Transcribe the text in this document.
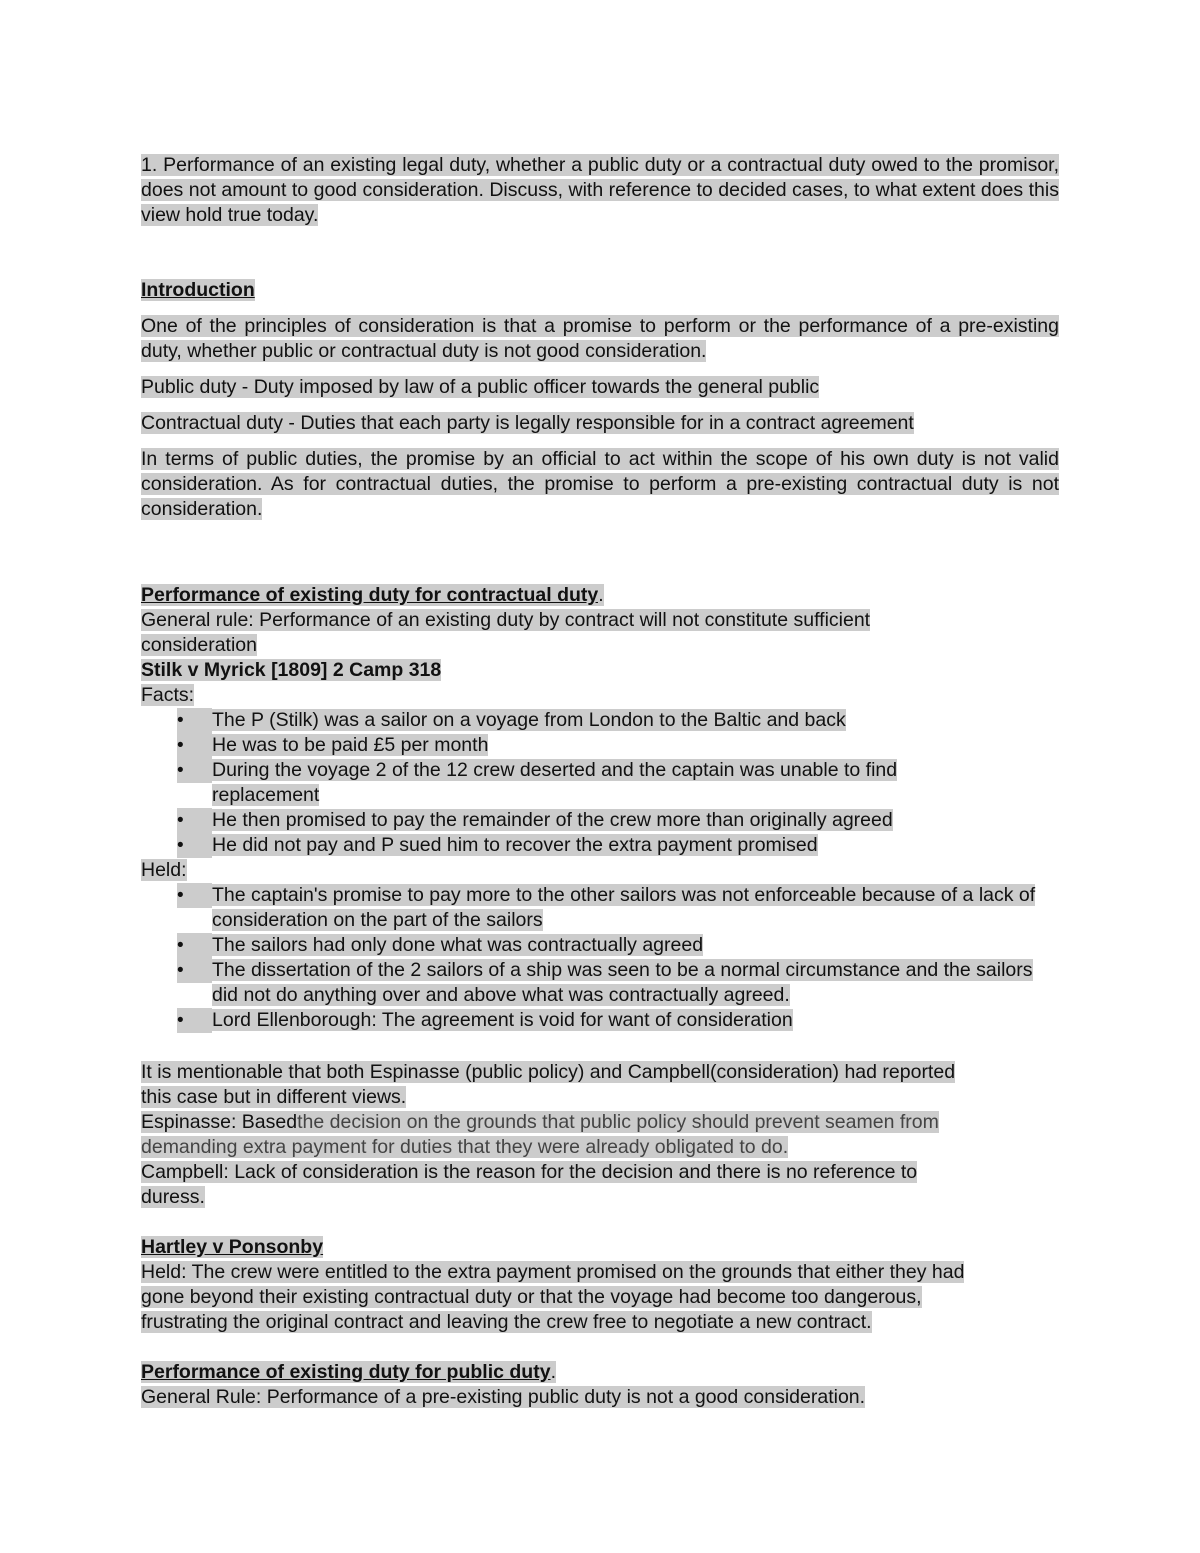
1. Performance of an existing legal duty, whether a public duty or a contractual duty owed to the promisor, does not amount to good consideration. Discuss, with reference to decided cases, to what extent does this view hold true today.

Introduction

One of the principles of consideration is that a promise to perform or the performance of a pre-existing duty, whether public or contractual duty is not good consideration.

Public duty - Duty imposed by law of a public officer towards the general public

Contractual duty - Duties that each party is legally responsible for in a contract agreement

In terms of public duties, the promise by an official to act within the scope of his own duty is not valid consideration. As for contractual duties, the promise to perform a pre-existing contractual duty is not consideration.

Performance of existing duty for contractual duty.

General rule: Performance of an existing duty by contract will not constitute sufficient

consideration

Stilk v Myrick [1809] 2 Camp 318

Facts:

•	The P (Stilk) was a sailor on a voyage from London to the Baltic and back
•	He was to be paid £5 per month
•	During the voyage 2 of the 12 crew deserted and the captain was unable to find replacement
•	He then promised to pay the remainder of the crew more than originally agreed
•	He did not pay and P sued him to recover the extra payment promised

Held:

•	The captain's promise to pay more to the other sailors was not enforceable because of a lack of consideration on the part of the sailors
•	The sailors had only done what was contractually agreed
•	The dissertation of the 2 sailors of a ship was seen to be a normal circumstance and the sailors did not do anything over and above what was contractually agreed.
•	Lord Ellenborough: The agreement is void for want of consideration

It is mentionable that both Espinasse (public policy) and Campbell(consideration) had reported

this case but in different views.

Espinasse: Basedthe decision on the grounds that public policy should prevent seamen from

demanding extra payment for duties that they were already obligated to do.

Campbell: Lack of consideration is the reason for the decision and there is no reference to

duress.

Hartley v Ponsonby

Held: The crew were entitled to the extra payment promised on the grounds that either they had

gone beyond their existing contractual duty or that the voyage had become too dangerous,

frustrating the original contract and leaving the crew free to negotiate a new contract.

Performance of existing duty for public duty.

General Rule: Performance of a pre-existing public duty is not a good consideration.
